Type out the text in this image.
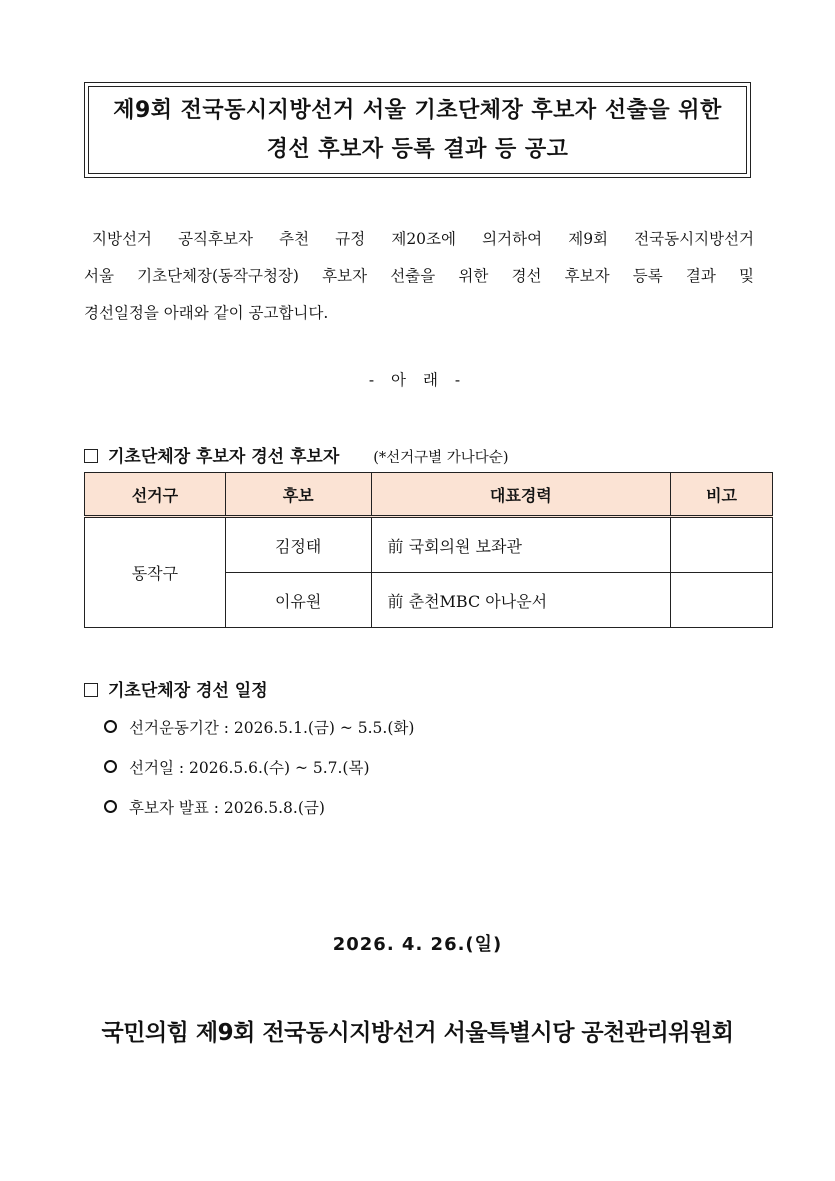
제9회 전국동시지방선거 서울 기초단체장 후보자 선출을 위한
경선 후보자 등록 결과 등 공고
지방선거 공직후보자 추천 규정 제20조에 의거하여 제9회 전국동시지방선거
서울 기초단체장(동작구청장) 후보자 선출을 위한 경선 후보자 등록 결과 및
경선일정을 아래와 같이 공고합니다.
- 아 래 -
기초단체장 후보자 경선 후보자 (*선거구별 가나다순)
선거구	후보	대표경력	비고
동작구	김정태	前 국회의원 보좌관	
	이유원	前 춘천MBC 아나운서	
기초단체장 경선 일정
선거운동기간 : 2026.5.1.(금) ~ 5.5.(화)
선거일 : 2026.5.6.(수) ~ 5.7.(목)
후보자 발표 : 2026.5.8.(금)
2026. 4. 26.(일)
국민의힘 제9회 전국동시지방선거 서울특별시당 공천관리위원회
